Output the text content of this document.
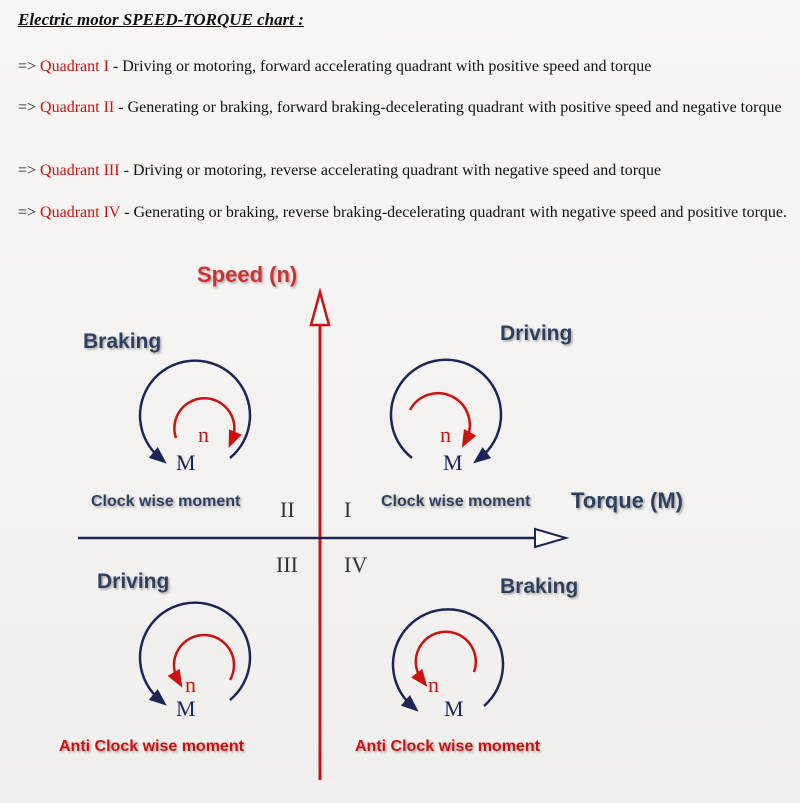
Electric motor SPEED-TORQUE chart :
=> Quadrant I - Driving or motoring, forward accelerating quadrant with positive speed and torque
=> Quadrant II - Generating or braking, forward braking-decelerating quadrant with positive speed and negative torque
=> Quadrant III - Driving or motoring, reverse accelerating quadrant with negative speed and torque
=> Quadrant IV - Generating or braking, reverse braking-decelerating quadrant with negative speed and positive torque.
Speed (n)
Torque (M)
II I
III IV
Braking
n
M
Clock wise moment
Driving
n
M
Clock wise moment
Driving
n
M
Anti Clock wise moment
Braking
n
M
Anti Clock wise moment
